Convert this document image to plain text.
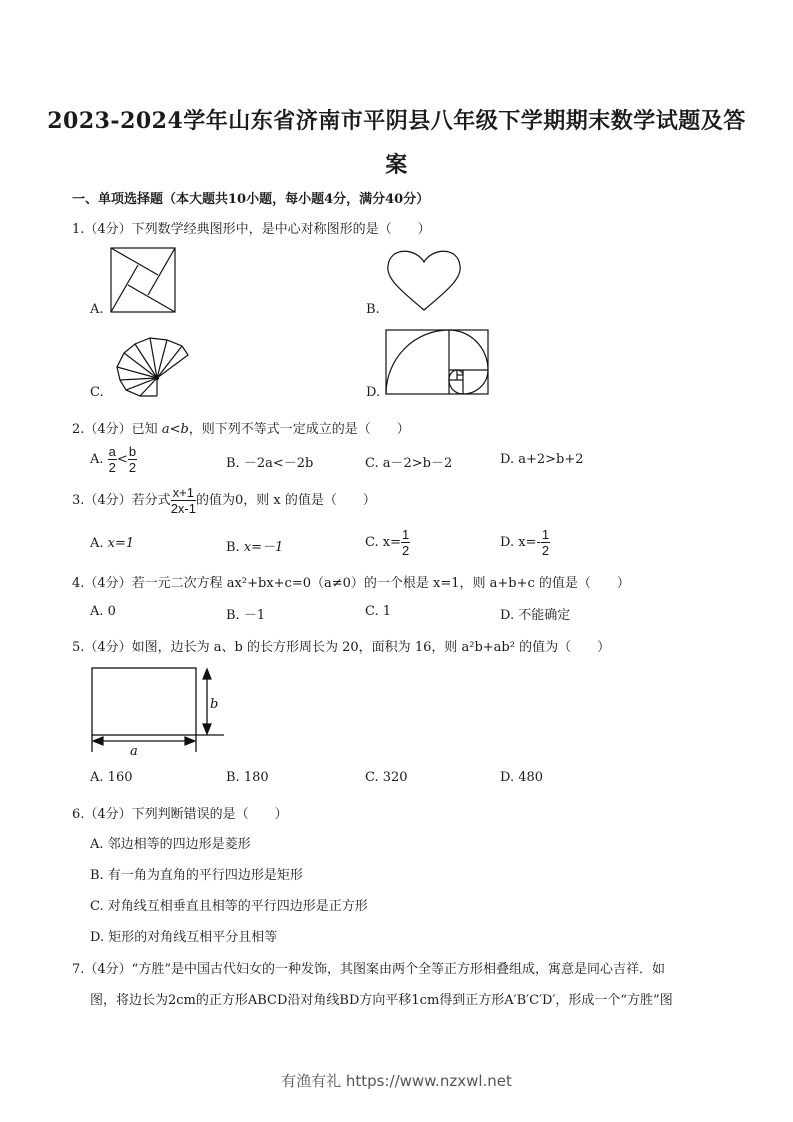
2023-2024学年山东省济南市平阴县八年级下学期期末数学试题及答
案
一、单项选择题（本大题共10小题，每小题4分，满分40分）
1.（4分）下列数学经典图形中，是中心对称图形的是（　　）
A.	B.
C.	D.
2.（4分）已知 a<b，则下列不等式一定成立的是（　　）
A. $\frac{a}{2} < \frac{b}{2}$	B. －2a<－2b	C. a－2>b－2	D. a+2>b+2
3.（4分）若分式 $\frac{x+1}{2x-1}$ 的值为0，则 x 的值是（　　）
A. x=1	B. x=－1	C. $x= \frac{1}{2}$	D. $x=- \frac{1}{2}$
4.（4分）若一元二次方程 ax²+bx+c=0（a≠0）的一个根是 x=1，则 a+b+c 的值是（　　）
A. 0	B. －1	C. 1	D. 不能确定
5.（4分）如图，边长为 a、b 的长方形周长为 20，面积为 16，则 a²b+ab² 的值为（　　）
b
a
A. 160	B. 180	C. 320	D. 480
6.（4分）下列判断错误的是（　　）
A. 邻边相等的四边形是菱形
B. 有一角为直角的平行四边形是矩形
C. 对角线互相垂直且相等的平行四边形是正方形
D. 矩形的对角线互相平分且相等
7.（4分）“方胜”是中国古代妇女的一种发饰，其图案由两个全等正方形相叠组成，寓意是同心吉祥．如
图，将边长为2cm的正方形ABCD沿对角线BD方向平移1cm得到正方形A′B′C′D′，形成一个“方胜”图
有渔有礼 https://www.nzxwl.net
